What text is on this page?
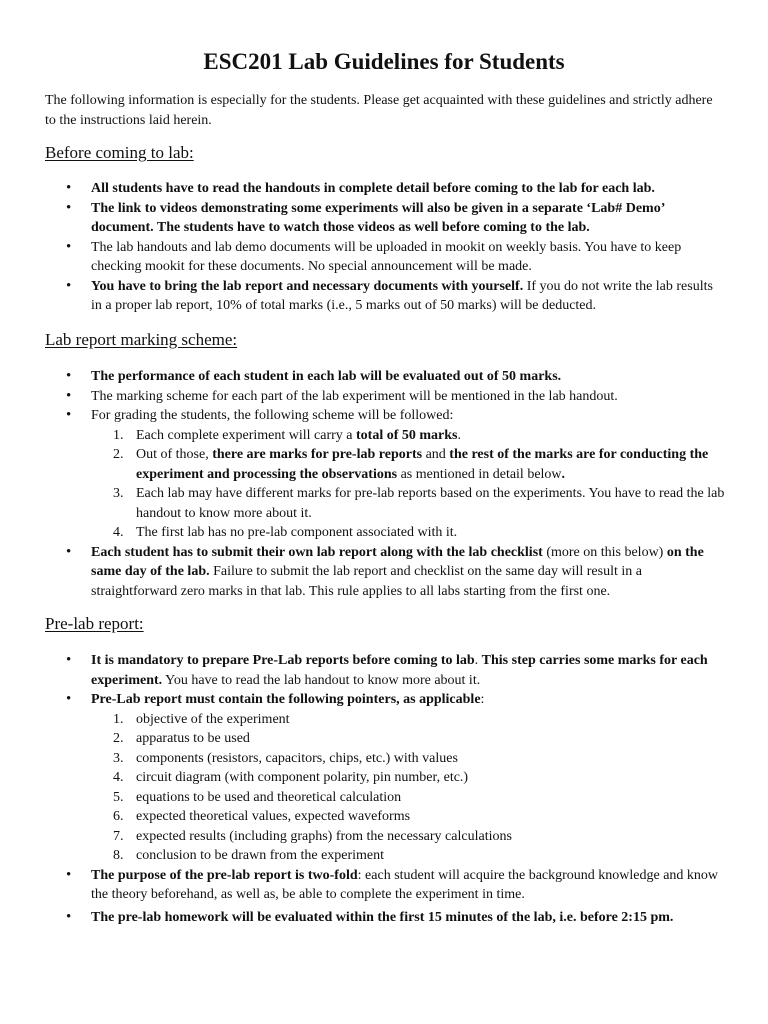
ESC201 Lab Guidelines for Students

The following information is especially for the students. Please get acquainted with these guidelines and strictly adhere to the instructions laid herein.

Before coming to lab:
• All students have to read the handouts in complete detail before coming to the lab for each lab.
• The link to videos demonstrating some experiments will also be given in a separate ‘Lab# Demo’ document. The students have to watch those videos as well before coming to the lab.
• The lab handouts and lab demo documents will be uploaded in mookit on weekly basis. You have to keep checking mookit for these documents. No special announcement will be made.
• You have to bring the lab report and necessary documents with yourself. If you do not write the lab results in a proper lab report, 10% of total marks (i.e., 5 marks out of 50 marks) will be deducted.
Lab report marking scheme:
• The performance of each student in each lab will be evaluated out of 50 marks.
• The marking scheme for each part of the lab experiment will be mentioned in the lab handout.
• For grading the students, the following scheme will be followed:
1. Each complete experiment will carry a total of 50 marks.
2. Out of those, there are marks for pre-lab reports and the rest of the marks are for conducting the experiment and processing the observations as mentioned in detail below.
3. Each lab may have different marks for pre-lab reports based on the experiments. You have to read the lab handout to know more about it.
4. The first lab has no pre-lab component associated with it.
• Each student has to submit their own lab report along with the lab checklist (more on this below) on the same day of the lab. Failure to submit the lab report and checklist on the same day will result in a straightforward zero marks in that lab. This rule applies to all labs starting from the first one.
Pre-lab report:
• It is mandatory to prepare Pre-Lab reports before coming to lab. This step carries some marks for each experiment. You have to read the lab handout to know more about it.
• Pre-Lab report must contain the following pointers, as applicable:
1. objective of the experiment
2. apparatus to be used
3. components (resistors, capacitors, chips, etc.) with values
4. circuit diagram (with component polarity, pin number, etc.)
5. equations to be used and theoretical calculation
6. expected theoretical values, expected waveforms
7. expected results (including graphs) from the necessary calculations
8. conclusion to be drawn from the experiment
• The purpose of the pre-lab report is two-fold: each student will acquire the background knowledge and know the theory beforehand, as well as, be able to complete the experiment in time.
• The pre-lab homework will be evaluated within the first 15 minutes of the lab, i.e. before 2:15 pm.
